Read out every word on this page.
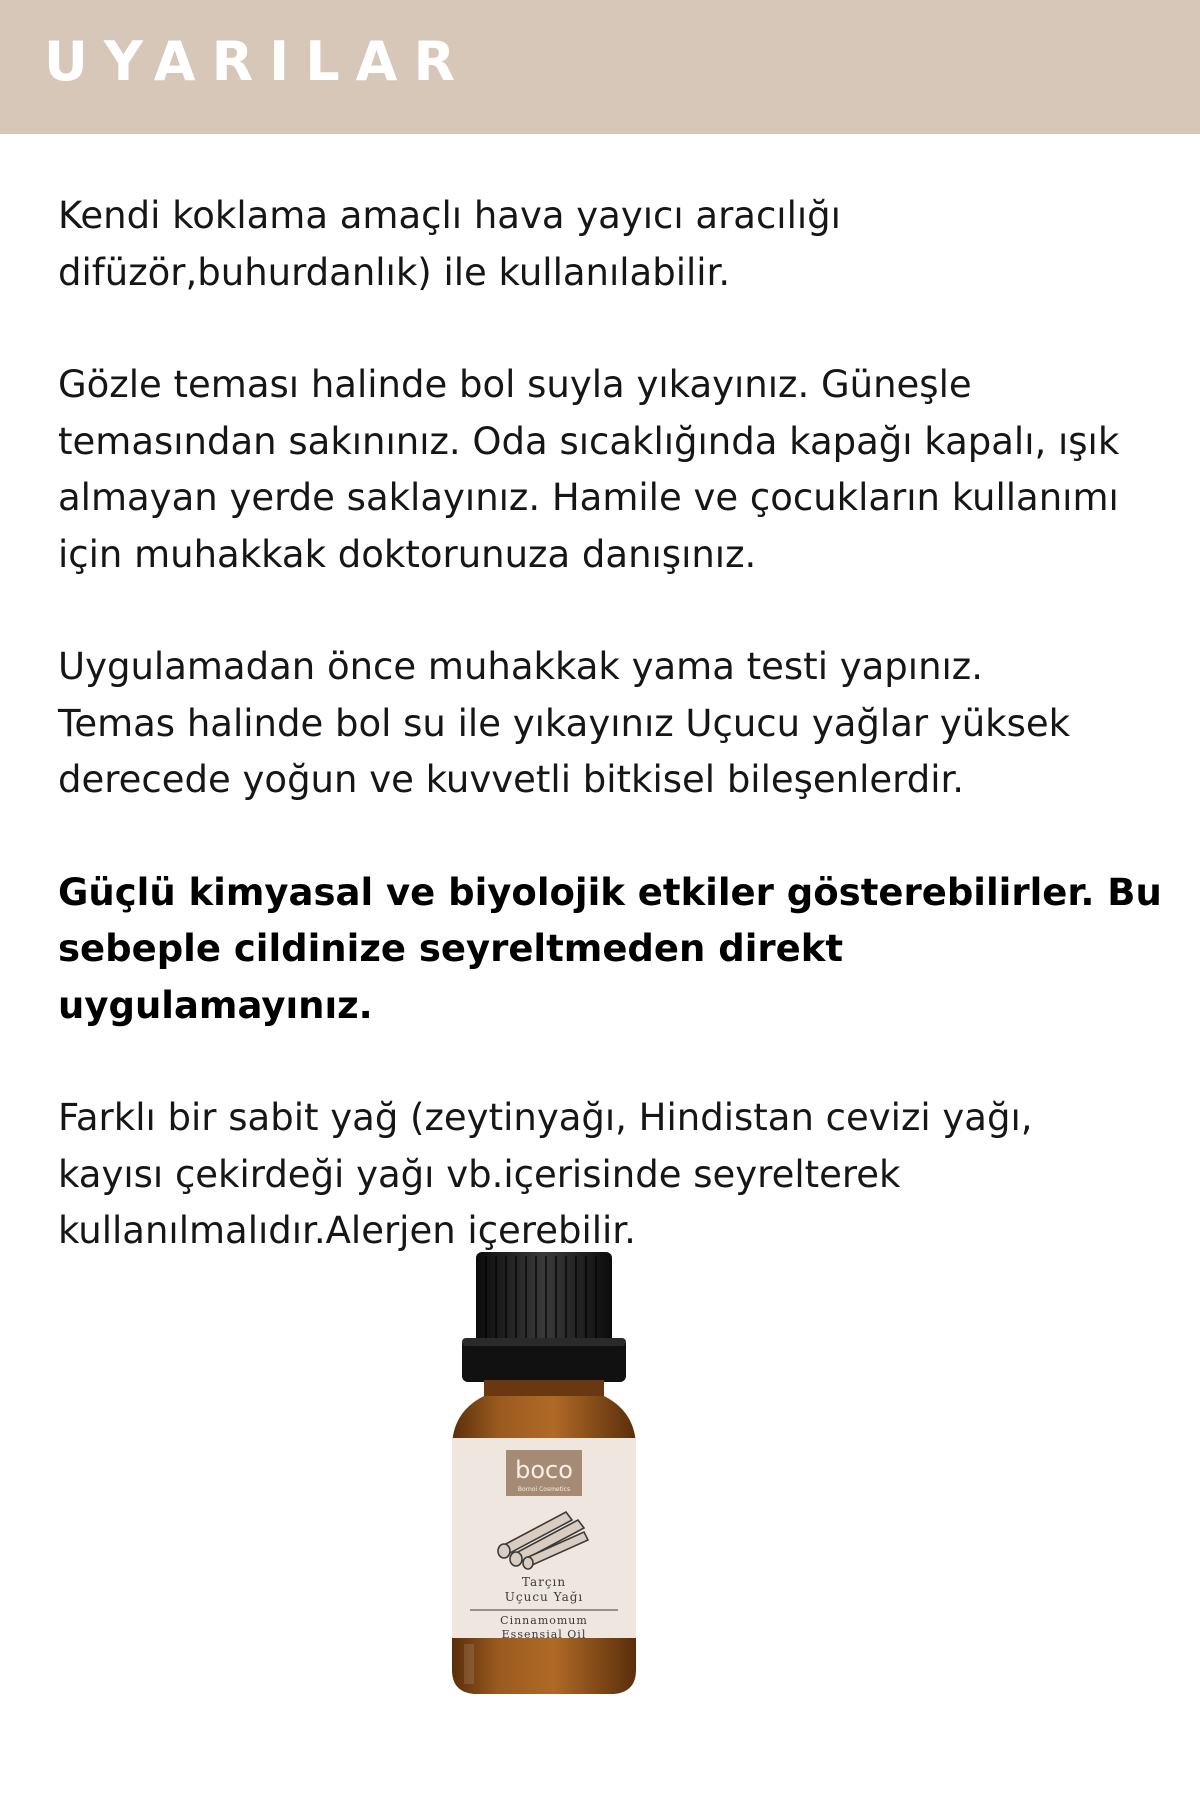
UYARILAR

Kendi koklama amaçlı hava yayıcı aracılığı
difüzör,buhurdanlık) ile kullanılabilir.

Gözle teması halinde bol suyla yıkayınız. Güneşle
temasından sakınınız. Oda sıcaklığında kapağı kapalı, ışık
almayan yerde saklayınız. Hamile ve çocukların kullanımı
için muhakkak doktorunuza danışınız.

Uygulamadan önce muhakkak yama testi yapınız.
Temas halinde bol su ile yıkayınız Uçucu yağlar yüksek
derecede yoğun ve kuvvetli bitkisel bileşenlerdir.

Güçlü kimyasal ve biyolojik etkiler gösterebilirler. Bu
sebeple cildinize seyreltmeden direkt uygulamayınız.

Farklı bir sabit yağ (zeytinyağı, Hindistan cevizi yağı,
kayısı çekirdeği yağı vb.içerisinde seyrelterek
kullanılmalıdır.Alerjen içerebilir.

boco
Bornoi Cosmetics
Tarçın
Uçucu Yağı
Cinnamomum
Essensial Oil
